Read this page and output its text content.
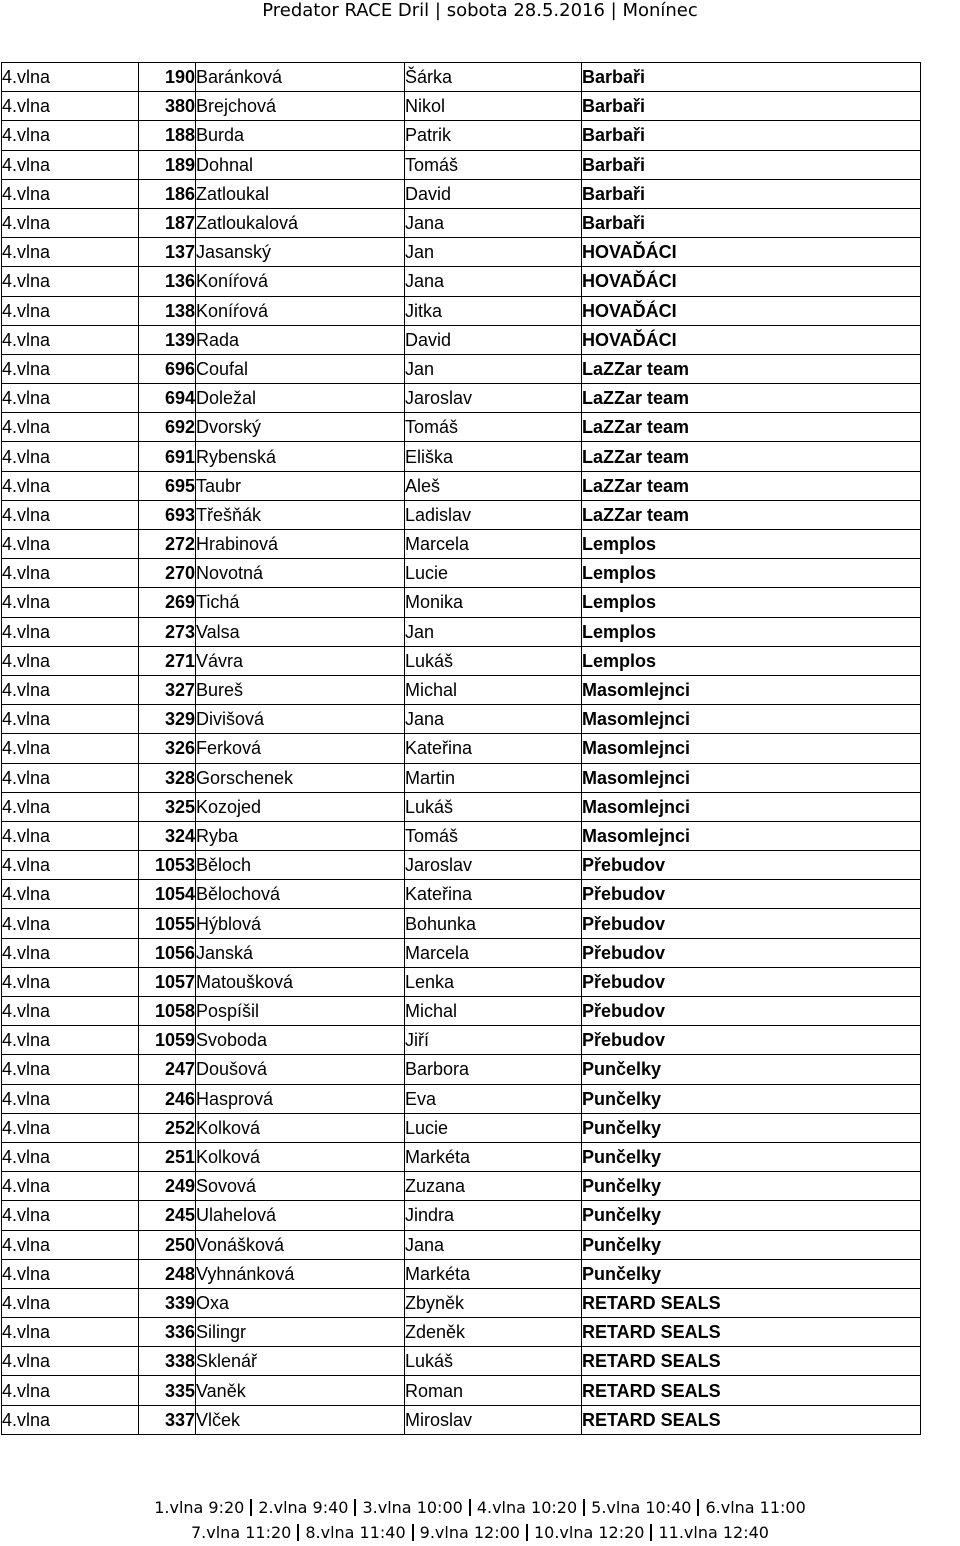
Predator RACE Dril | sobota 28.5.2016 | Monínec
4.vlna	190	Baránková	Šárka	Barbaři
4.vlna	380	Brejchová	Nikol	Barbaři
4.vlna	188	Burda	Patrik	Barbaři
4.vlna	189	Dohnal	Tomáš	Barbaři
4.vlna	186	Zatloukal	David	Barbaři
4.vlna	187	Zatloukalová	Jana	Barbaři
4.vlna	137	Jasanský	Jan	HOVAĎÁCI
4.vlna	136	Koníŕová	Jana	HOVAĎÁCI
4.vlna	138	Koníŕová	Jitka	HOVAĎÁCI
4.vlna	139	Rada	David	HOVAĎÁCI
4.vlna	696	Coufal	Jan	LaZZar team
4.vlna	694	Doležal	Jaroslav	LaZZar team
4.vlna	692	Dvorský	Tomáš	LaZZar team
4.vlna	691	Rybenská	Eliška	LaZZar team
4.vlna	695	Taubr	Aleš	LaZZar team
4.vlna	693	Třešňák	Ladislav	LaZZar team
4.vlna	272	Hrabinová	Marcela	Lemplos
4.vlna	270	Novotná	Lucie	Lemplos
4.vlna	269	Tichá	Monika	Lemplos
4.vlna	273	Valsa	Jan	Lemplos
4.vlna	271	Vávra	Lukáš	Lemplos
4.vlna	327	Bureš	Michal	Masomlejnci
4.vlna	329	Divišová	Jana	Masomlejnci
4.vlna	326	Ferková	Kateřina	Masomlejnci
4.vlna	328	Gorschenek	Martin	Masomlejnci
4.vlna	325	Kozojed	Lukáš	Masomlejnci
4.vlna	324	Ryba	Tomáš	Masomlejnci
4.vlna	1053	Běloch	Jaroslav	Přebudov
4.vlna	1054	Bělochová	Kateřina	Přebudov
4.vlna	1055	Hýblová	Bohunka	Přebudov
4.vlna	1056	Janská	Marcela	Přebudov
4.vlna	1057	Matoušková	Lenka	Přebudov
4.vlna	1058	Pospíšil	Michal	Přebudov
4.vlna	1059	Svoboda	Jiří	Přebudov
4.vlna	247	Doušová	Barbora	Punčelky
4.vlna	246	Hasprová	Eva	Punčelky
4.vlna	252	Kolková	Lucie	Punčelky
4.vlna	251	Kolková	Markéta	Punčelky
4.vlna	249	Sovová	Zuzana	Punčelky
4.vlna	245	Ulahelová	Jindra	Punčelky
4.vlna	250	Vonášková	Jana	Punčelky
4.vlna	248	Vyhnánková	Markéta	Punčelky
4.vlna	339	Oxa	Zbyněk	RETARD SEALS
4.vlna	336	Silingr	Zdeněk	RETARD SEALS
4.vlna	338	Sklenář	Lukáš	RETARD SEALS
4.vlna	335	Vaněk	Roman	RETARD SEALS
4.vlna	337	Vlček	Miroslav	RETARD SEALS
1.vlna 9:20 2.vlna 9:40 3.vlna 10:00 4.vlna 10:20 5.vlna 10:40 6.vlna 11:00
7.vlna 11:20 8.vlna 11:40 9.vlna 12:00 10.vlna 12:20 11.vlna 12:40
